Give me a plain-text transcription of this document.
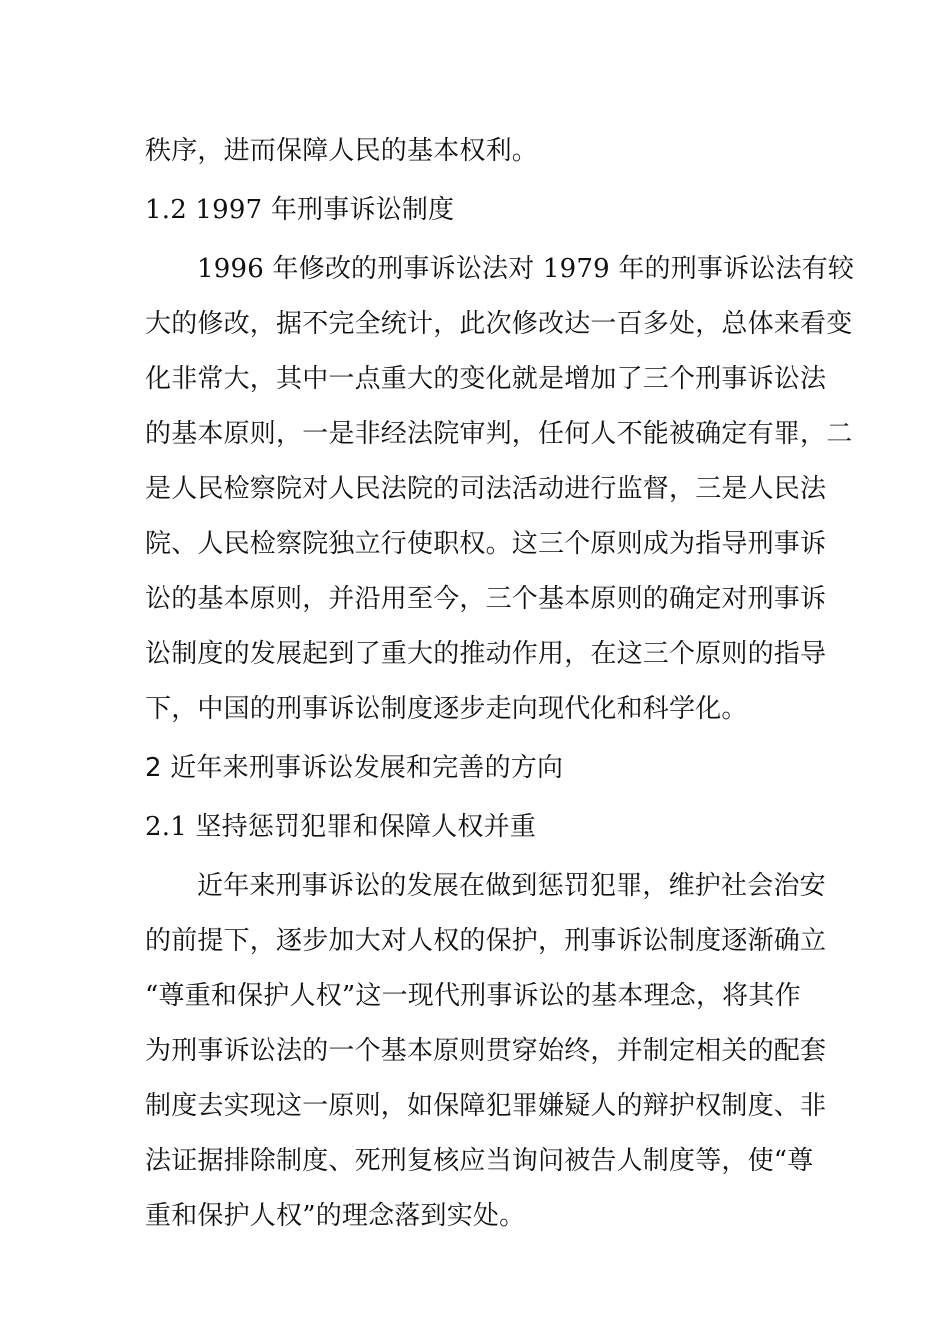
秩序，进而保障人民的基本权利。
1.2 1997 年刑事诉讼制度
1996 年修改的刑事诉讼法对 1979 年的刑事诉讼法有较
大的修改，据不完全统计，此次修改达一百多处，总体来看变
化非常大，其中一点重大的变化就是增加了三个刑事诉讼法
的基本原则，一是非经法院审判，任何人不能被确定有罪，二
是人民检察院对人民法院的司法活动进行监督，三是人民法
院、人民检察院独立行使职权。这三个原则成为指导刑事诉
讼的基本原则，并沿用至今，三个基本原则的确定对刑事诉
讼制度的发展起到了重大的推动作用，在这三个原则的指导
下，中国的刑事诉讼制度逐步走向现代化和科学化。
2 近年来刑事诉讼发展和完善的方向
2.1 坚持惩罚犯罪和保障人权并重
近年来刑事诉讼的发展在做到惩罚犯罪，维护社会治安
的前提下，逐步加大对人权的保护，刑事诉讼制度逐渐确立
“尊重和保护人权”这一现代刑事诉讼的基本理念，将其作
为刑事诉讼法的一个基本原则贯穿始终，并制定相关的配套
制度去实现这一原则，如保障犯罪嫌疑人的辩护权制度、非
法证据排除制度、死刑复核应当询问被告人制度等，使“尊
重和保护人权”的理念落到实处。
